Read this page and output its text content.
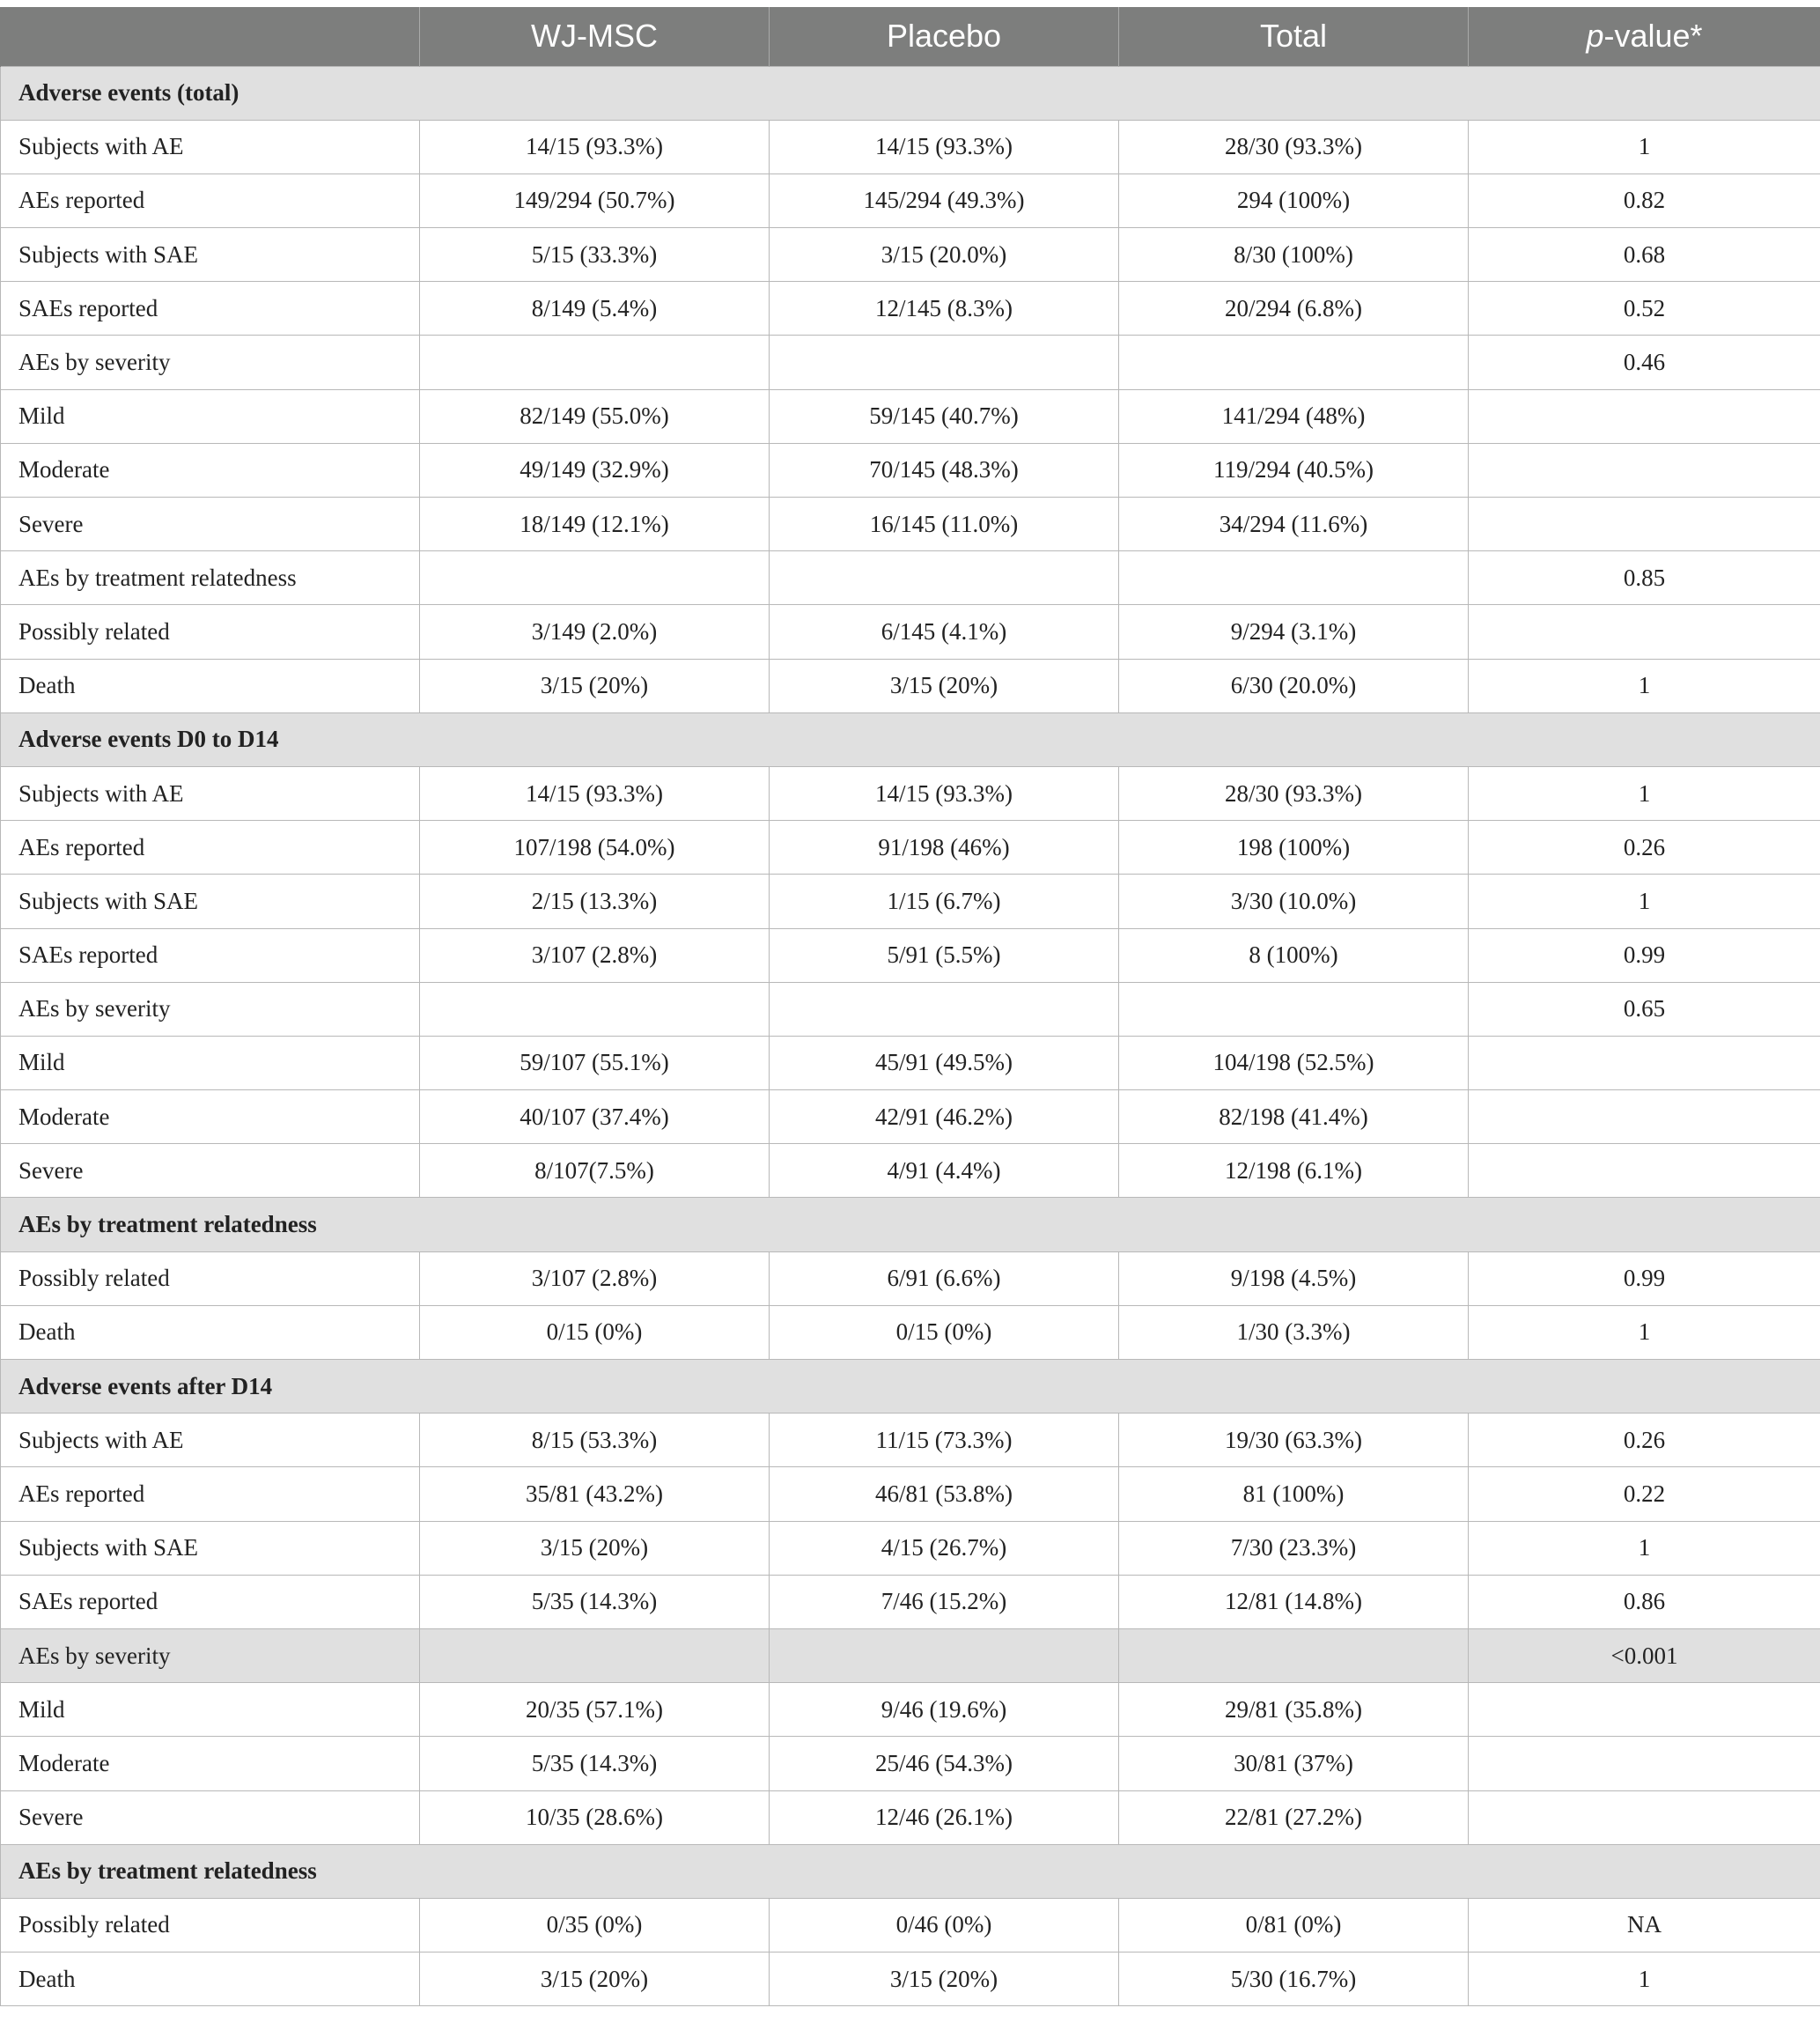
	WJ-MSC	Placebo	Total	p-value*
Adverse events (total)				
Subjects with AE	14/15 (93.3%)	14/15 (93.3%)	28/30 (93.3%)	1
AEs reported	149/294 (50.7%)	145/294 (49.3%)	294 (100%)	0.82
Subjects with SAE	5/15 (33.3%)	3/15 (20.0%)	8/30 (100%)	0.68
SAEs reported	8/149 (5.4%)	12/145 (8.3%)	20/294 (6.8%)	0.52
AEs by severity				0.46
Mild	82/149 (55.0%)	59/145 (40.7%)	141/294 (48%)	
Moderate	49/149 (32.9%)	70/145 (48.3%)	119/294 (40.5%)	
Severe	18/149 (12.1%)	16/145 (11.0%)	34/294 (11.6%)	
AEs by treatment relatedness				0.85
Possibly related	3/149 (2.0%)	6/145 (4.1%)	9/294 (3.1%)	
Death	3/15 (20%)	3/15 (20%)	6/30 (20.0%)	1
Adverse events D0 to D14				
Subjects with AE	14/15 (93.3%)	14/15 (93.3%)	28/30 (93.3%)	1
AEs reported	107/198 (54.0%)	91/198 (46%)	198 (100%)	0.26
Subjects with SAE	2/15 (13.3%)	1/15 (6.7%)	3/30 (10.0%)	1
SAEs reported	3/107 (2.8%)	5/91 (5.5%)	8 (100%)	0.99
AEs by severity				0.65
Mild	59/107 (55.1%)	45/91 (49.5%)	104/198 (52.5%)	
Moderate	40/107 (37.4%)	42/91 (46.2%)	82/198 (41.4%)	
Severe	8/107(7.5%)	4/91 (4.4%)	12/198 (6.1%)	
AEs by treatment relatedness				
Possibly related	3/107 (2.8%)	6/91 (6.6%)	9/198 (4.5%)	0.99
Death	0/15 (0%)	0/15 (0%)	1/30 (3.3%)	1
Adverse events after D14				
Subjects with AE	8/15 (53.3%)	11/15 (73.3%)	19/30 (63.3%)	0.26
AEs reported	35/81 (43.2%)	46/81 (53.8%)	81 (100%)	0.22
Subjects with SAE	3/15 (20%)	4/15 (26.7%)	7/30 (23.3%)	1
SAEs reported	5/35 (14.3%)	7/46 (15.2%)	12/81 (14.8%)	0.86
AEs by severity				<0.001
Mild	20/35 (57.1%)	9/46 (19.6%)	29/81 (35.8%)	
Moderate	5/35 (14.3%)	25/46 (54.3%)	30/81 (37%)	
Severe	10/35 (28.6%)	12/46 (26.1%)	22/81 (27.2%)	
AEs by treatment relatedness				
Possibly related	0/35 (0%)	0/46 (0%)	0/81 (0%)	NA
Death	3/15 (20%)	3/15 (20%)	5/30 (16.7%)	1
